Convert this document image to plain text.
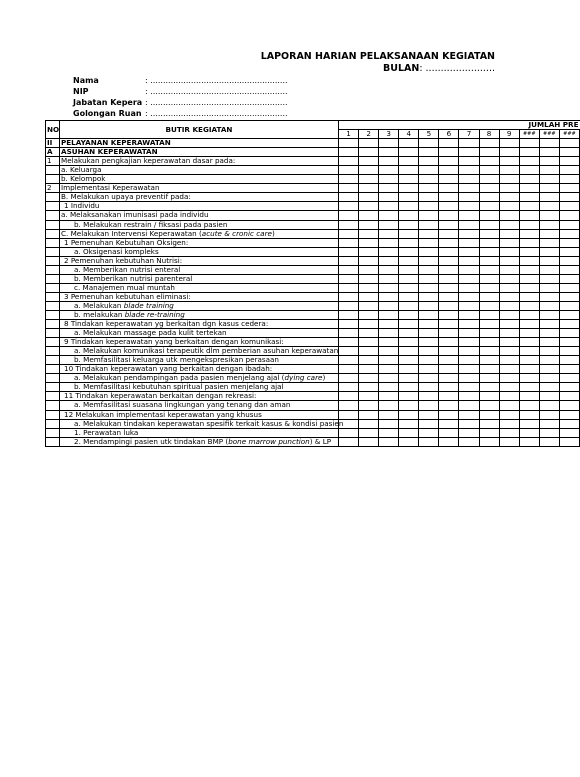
LAPORAN HARIAN PELAKSANAAN KEGIATAN
BULAN: .......................
Nama	: ......................................................
NIP	: ......................................................
Jabatan Kepera : ......................................................
Golongan Ruan : ......................................................
NO	BUTIR KEGIATAN	JUMLAH PRE											
		1	2	3	4	5	6	7	8	9	###	###	###
II	PELAYANAN KEPERAWATAN												
A	ASUHAN KEPERAWATAN												
1	Melakukan pengkajian keperawatan dasar pada:												
	a. Keluarga												
	b. Kelompok												
2	Implementasi Keperawatan												
	B. Melakukan upaya preventif pada:												
	1 Individu												
	a. Melaksanakan imunisasi pada individu												
	b. Melakukan restrain / fiksasi pada pasien												
	C. Melakukan Intervensi Keperawatan (acute & cronic care)												
	1 Pemenuhan Kebutuhan Oksigen:												
	a. Oksigenasi kompleks												
	2 Pemenuhan kebutuhan Nutrisi:												
	a. Memberikan nutrisi enteral												
	b. Memberikan nutrisi parenteral												
	c. Manajemen mual muntah												
	3 Pemenuhan kebutuhan eliminasi:												
	a. Melakukan blade training												
	b. melakukan blade re-training												
	8 Tindakan keperawatan yg berkaitan dgn kasus cedera:												
	a. Melakukan massage pada kulit tertekan												
	9 Tindakan keperawatan yang berkaitan dengan komunikasi:												
	a. Melakukan komunikasi terapeutik dlm pemberian asuhan keperawatan												
	b. Memfasilitasi keluarga utk mengekspresikan perasaan												
	10 Tindakan keperawatan yang berkaitan dengan ibadah:												
	a. Melakukan pendampingan pada pasien menjelang ajal (dying care)												
	b. Memfasilitasi kebutuhan spiritual pasien menjelang ajal												
	11 Tindakan keperawatan berkaitan dengan rekreasi:												
	a. Memfasilitasi suasana lingkungan yang tenang dan aman												
	12 Melakukan implementasi keperawatan yang khusus												
	a. Melakukan tindakan keperawatan spesifik terkait kasus & kondisi pasien												
	1. Perawatan luka												
	2. Mendampingi pasien utk tindakan BMP (bone marrow punction) & LP												
